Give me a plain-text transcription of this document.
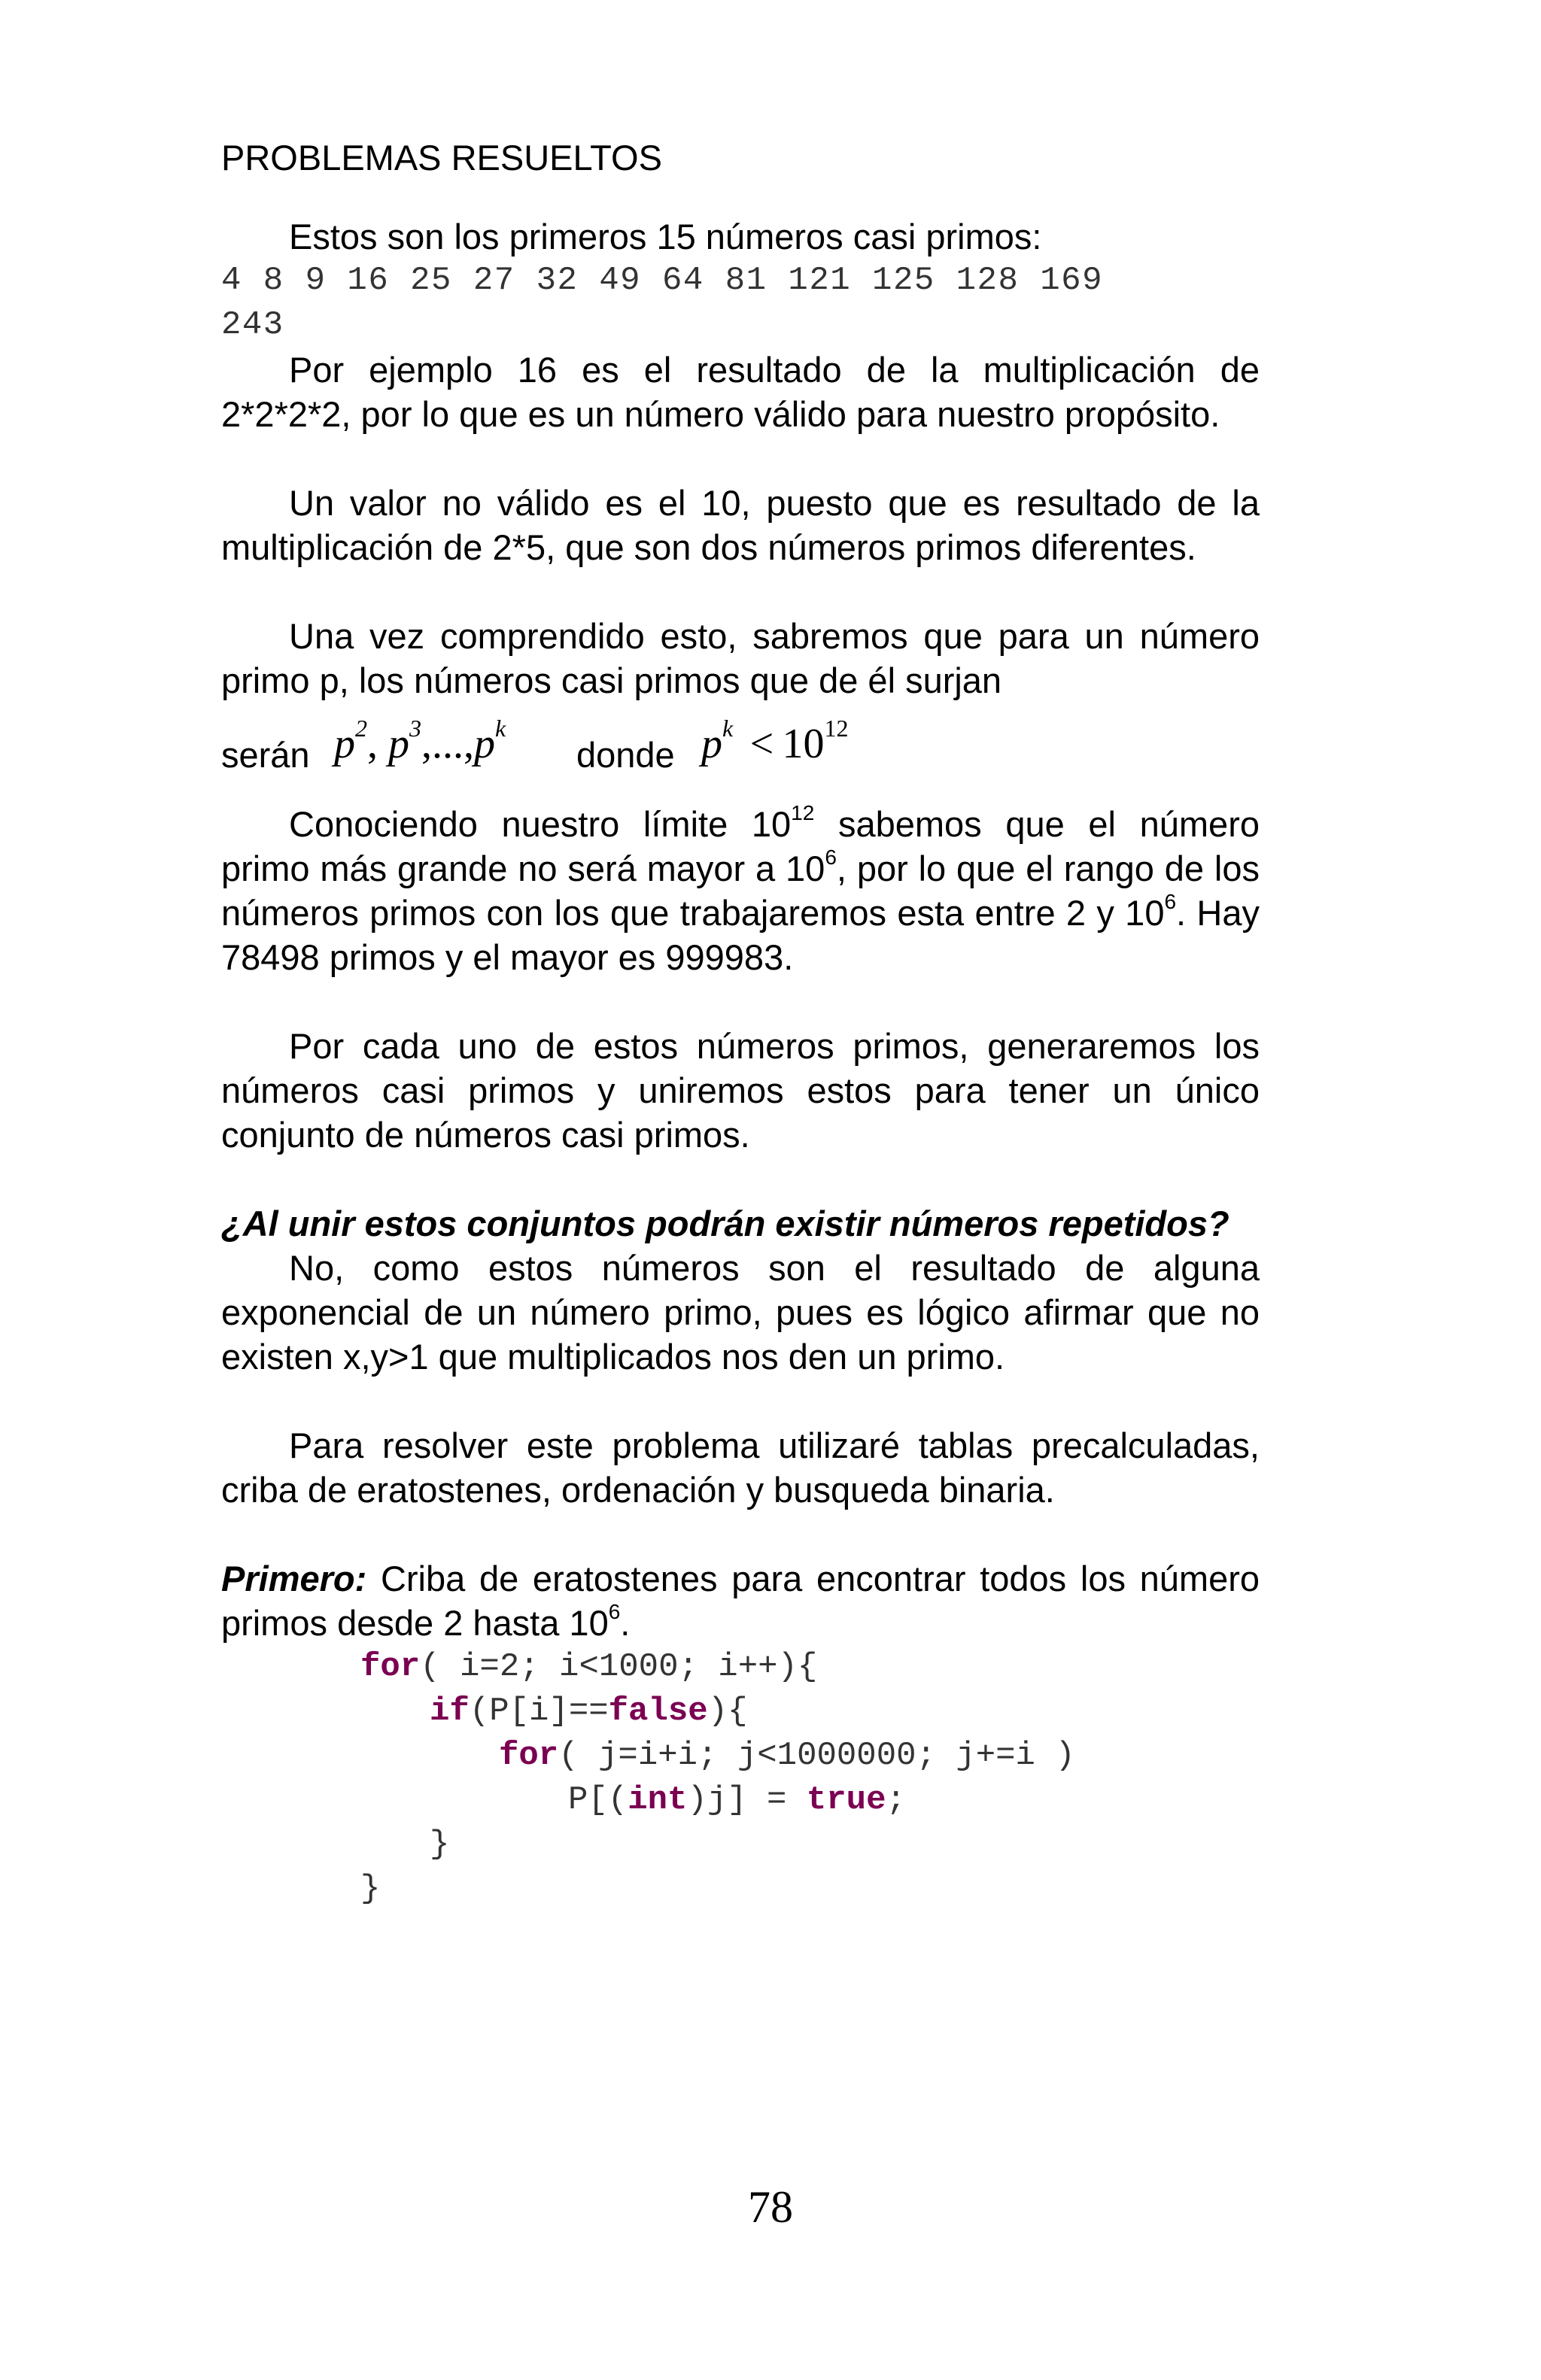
PROBLEMAS RESUELTOS

Estos son los primeros 15 números casi primos:

4 8 9 16 25 27 32 49 64 81 121 125 128 169
243

Por ejemplo 16 es el resultado de la multiplicación de 2*2*2*2, por lo que es un número válido para nuestro propósito.

Un valor no válido es el 10, puesto que es resultado de la multiplicación de 2*5, que son dos números primos diferentes.

Una vez comprendido esto, sabremos que para un número primo p, los números casi primos que de él surjan

serán $p^2$, $p^3,...,p^k$
donde $p^k < 10^{12}$

Conociendo nuestro límite $10^{12}$ sabemos que el número primo más grande no será mayor a $10^6$, por lo que el rango de los números primos con los que trabajaremos esta entre 2 y $10^6$. Hay 78498 primos y el mayor es 999983.

Por cada uno de estos números primos, generaremos los números casi primos y uniremos estos para tener un único conjunto de números casi primos.

¿Al unir estos conjuntos podrán existir números repetidos?

No, como estos números son el resultado de alguna exponencial de un número primo, pues es lógico afirmar que no existen x,y>1 que multiplicados nos den un primo.

Para resolver este problema utilizaré tablas precalculadas, criba de eratostenes, ordenación y busqueda binaria.

Primero: Criba de eratostenes para encontrar todos los número primos desde 2 hasta $10^6$.

for( i=2; i<1000; i++){
if(P[i]==false){
for( j=i+i; j<1000000; j+=i )
P[(int)j] = true;
}
}
78
